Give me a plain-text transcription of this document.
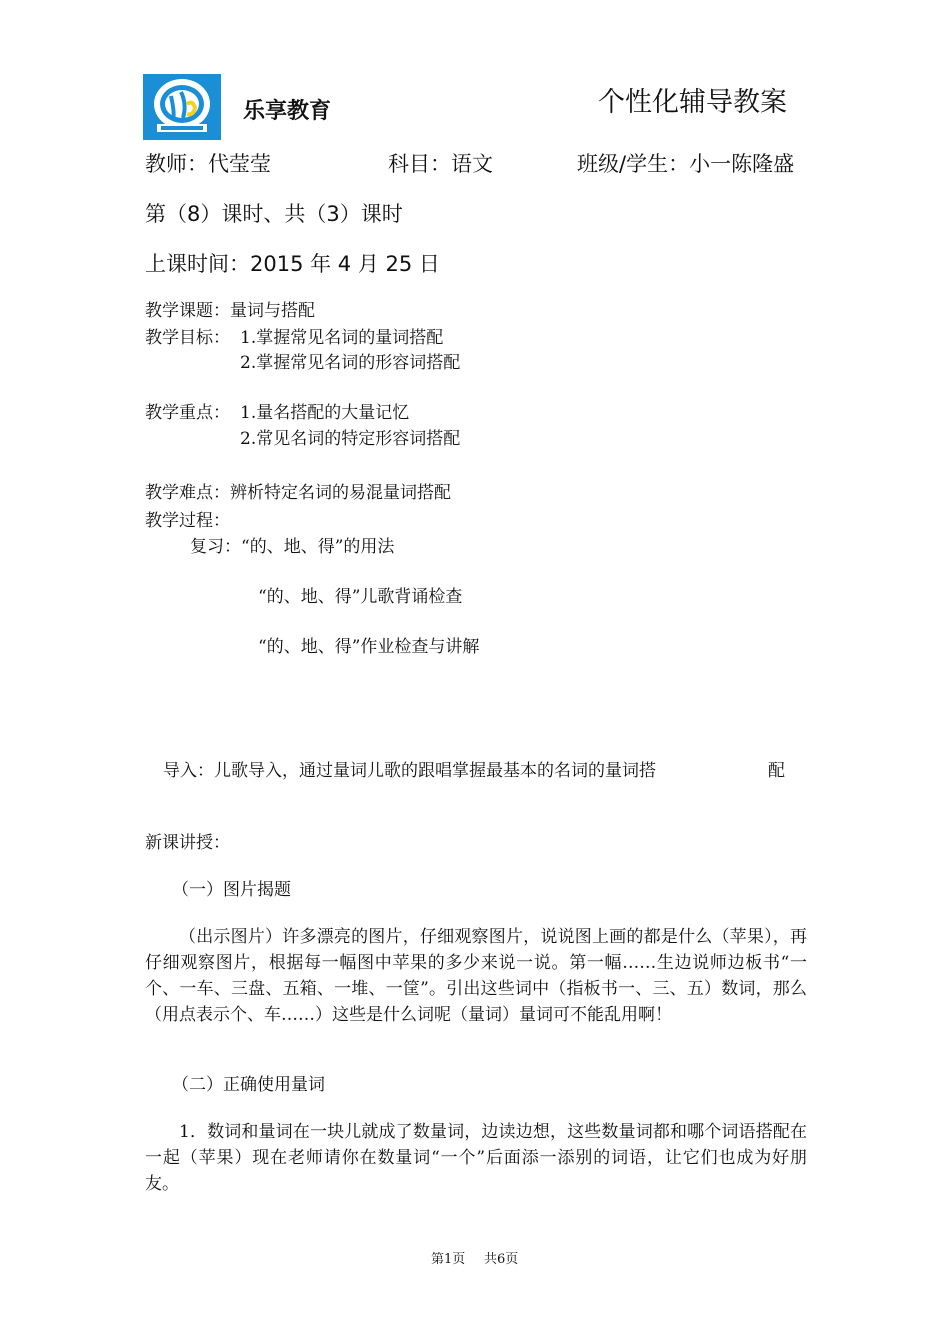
乐享教育	个性化辅导教案
教师：代莹莹	科目：语文	班级/学生：小一陈隆盛
第（8）课时、共（3）课时
上课时间：2015 年 4 月 25 日
教学课题：量词与搭配
教学目标： 1.掌握常见名词的量词搭配
2.掌握常见名词的形容词搭配
教学重点： 1.量名搭配的大量记忆
2.常见名词的特定形容词搭配
教学难点：辨析特定名词的易混量词搭配
教学过程：
复习：“的、地、得”的用法
“的、地、得”儿歌背诵检查
“的、地、得”作业检查与讲解
导入：儿歌导入，通过量词儿歌的跟唱掌握最基本的名词的量词搭	配
新课讲授：
（一）图片揭题
（出示图片）许多漂亮的图片，仔细观察图片，说说图上画的都是什么（苹果），再仔细观察图片，根据每一幅图中苹果的多少来说一说。第一幅……生边说师边板书“一个、一车、三盘、五箱、一堆、一筐”。引出这些词中（指板书一、三、五）数词，那么（用点表示个、车……）这些是什么词呢（量词）量词可不能乱用啊！
（二）正确使用量词
1．数词和量词在一块儿就成了数量词，边读边想，这些数量词都和哪个词语搭配在一起（苹果）现在老师请你在数量词“一个”后面添一添别的词语，让它们也成为好朋友。
第1页 共6页
